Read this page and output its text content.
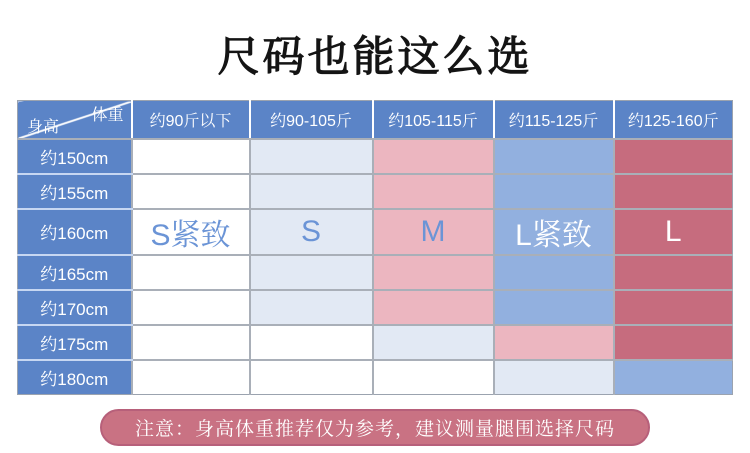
尺码也能这么选
体重
身高	约90斤以下	约90-105斤	约105-115斤	约115-125斤	约125-160斤
约150cm					
约155cm					
约160cm	S紧致	S	M	L紧致	L
约165cm					
约170cm					
约175cm					
约180cm					
注意：身高体重推荐仅为参考，建议测量腿围选择尺码
